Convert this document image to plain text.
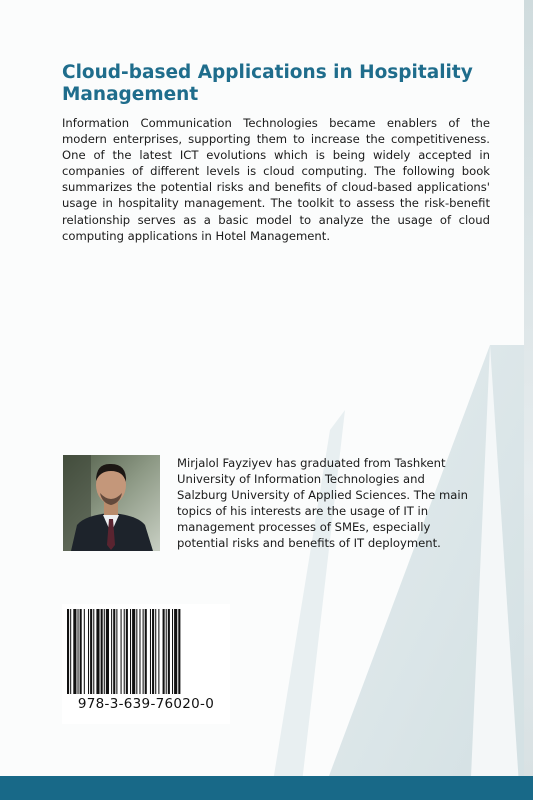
Cloud-based Applications in Hospitality Management

Information Communication Technologies became enablers of the modern enterprises, supporting them to increase the competitiveness. One of the latest ICT evolutions which is being widely accepted in companies of different levels is cloud computing. The following book summarizes the potential risks and benefits of cloud-based applications' usage in hospitality management. The toolkit to assess the risk-benefit relationship serves as a basic model to analyze the usage of cloud computing applications in Hotel Management.

Mirjalol Fayziyev has graduated from Tashkent University of Information Technologies and Salzburg University of Applied Sciences. The main topics of his interests are the usage of IT in management processes of SMEs, especially potential risks and benefits of IT deployment.

978-3-639-76020-0
